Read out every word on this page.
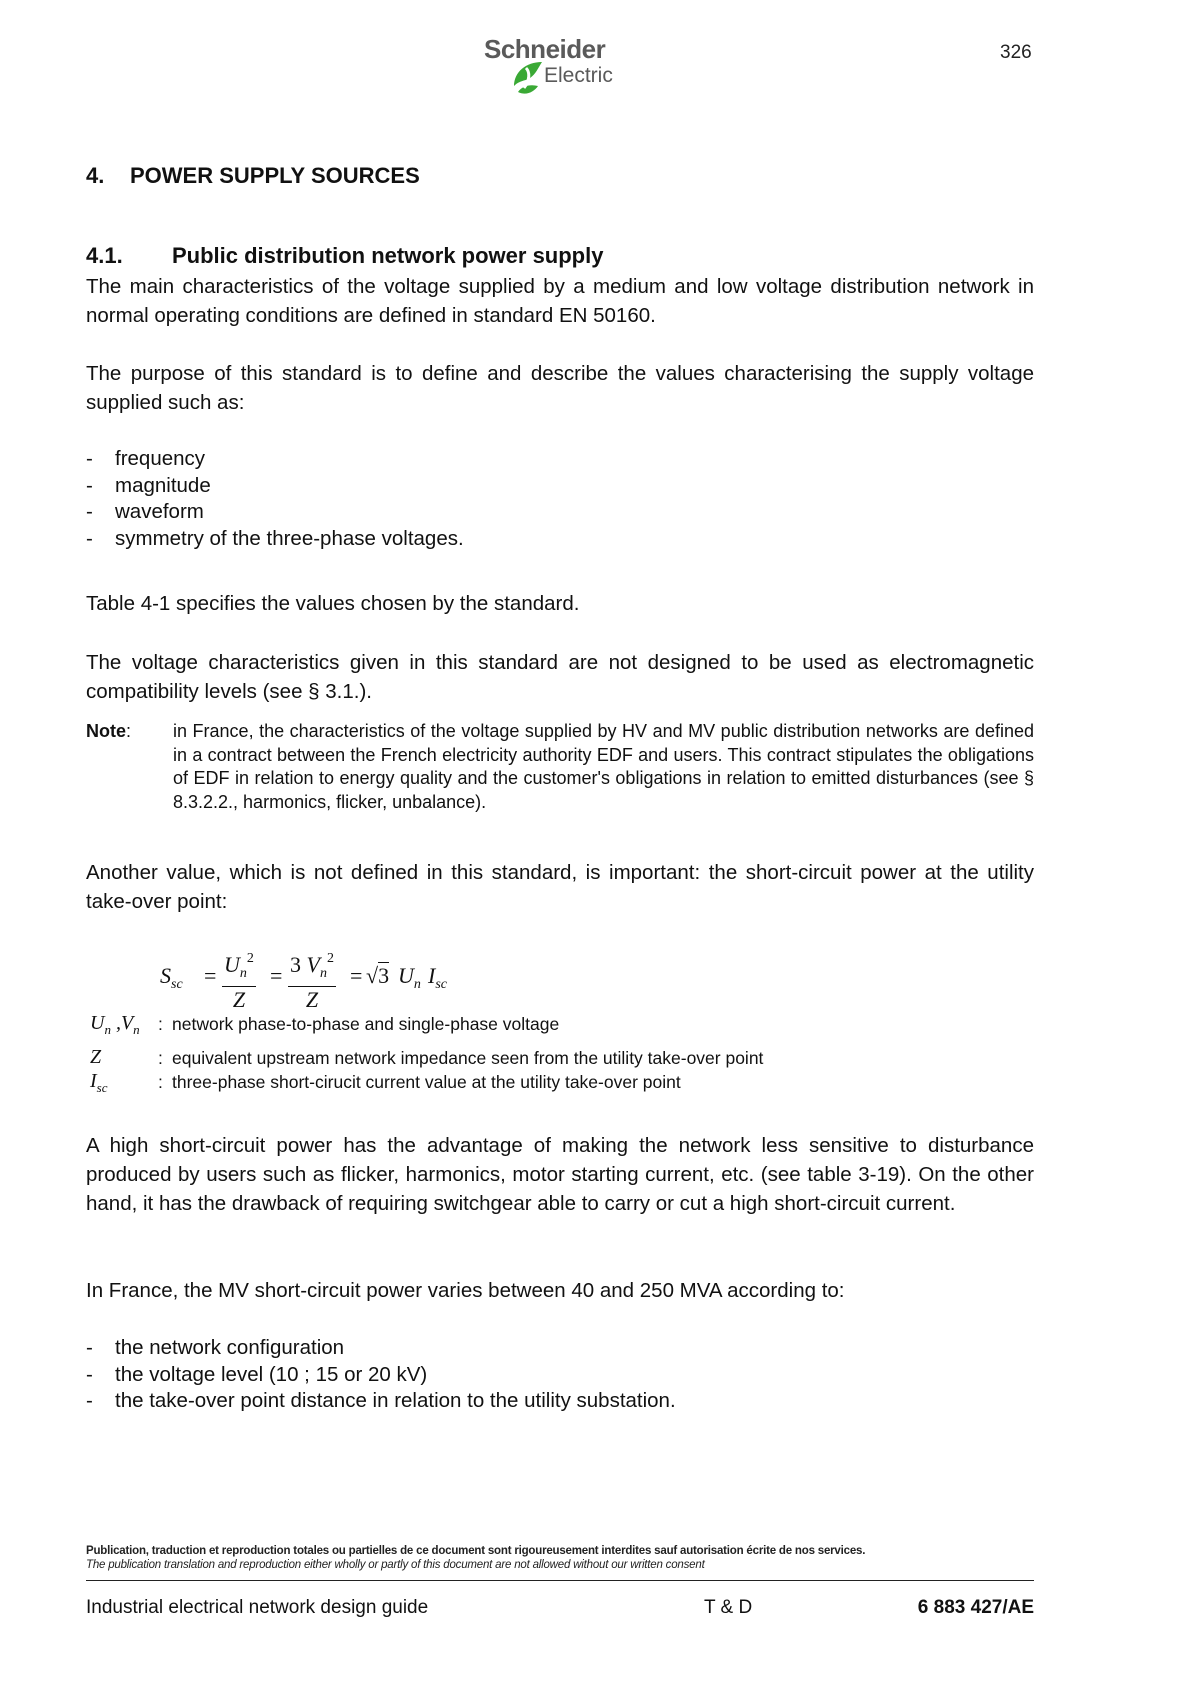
Schneider
Electric
326
4. POWER SUPPLY SOURCES
4.1. Public distribution network power supply

The main characteristics of the voltage supplied by a medium and low voltage distribution network in normal operating conditions are defined in standard EN 50160.

The purpose of this standard is to define and describe the values characterising the supply voltage supplied such as:

- frequency
- magnitude
- waveform
- symmetry of the three-phase voltages.

Table 4-1 specifies the values chosen by the standard.

The voltage characteristics given in this standard are not designed to be used as electromagnetic compatibility levels (see § 3.1.).

Note: in France, the characteristics of the voltage supplied by HV and MV public distribution networks are defined in a contract between the French electricity authority EDF and users. This contract stipulates the obligations of EDF in relation to energy quality and the customer's obligations in relation to emitted disturbances (see § 8.3.2.2., harmonics, flicker, unbalance).

Another value, which is not defined in this standard, is important: the short-circuit power at the utility take-over point:

$S_{sc} = \frac{U_n^2}{Z} = \frac{3 V_n^2}{Z} = √3$ $U_n$ $I_{sc}$
$U_n$ $,V_n$ : network phase-to-phase and single-phase voltage
Z	: equivalent upstream network impedance seen from the utility take-over point
$I_{sc}$	: three-phase short-cirucit current value at the utility take-over point

A high short-circuit power has the advantage of making the network less sensitive to disturbance produced by users such as flicker, harmonics, motor starting current, etc. (see table 3-19). On the other hand, it has the drawback of requiring switchgear able to carry or cut a high short-circuit current.

In France, the MV short-circuit power varies between 40 and 250 MVA according to:

- the network configuration
- the voltage level (10 ; 15 or 20 kV)
- the take-over point distance in relation to the utility substation.
Publication, traduction et reproduction totales ou partielles de ce document sont rigoureusement interdites sauf autorisation écrite de nos services.
The publication translation and reproduction either wholly or partly of this document are not allowed without our written consent
Industrial electrical network design guide	T & D	6 883 427/AE
